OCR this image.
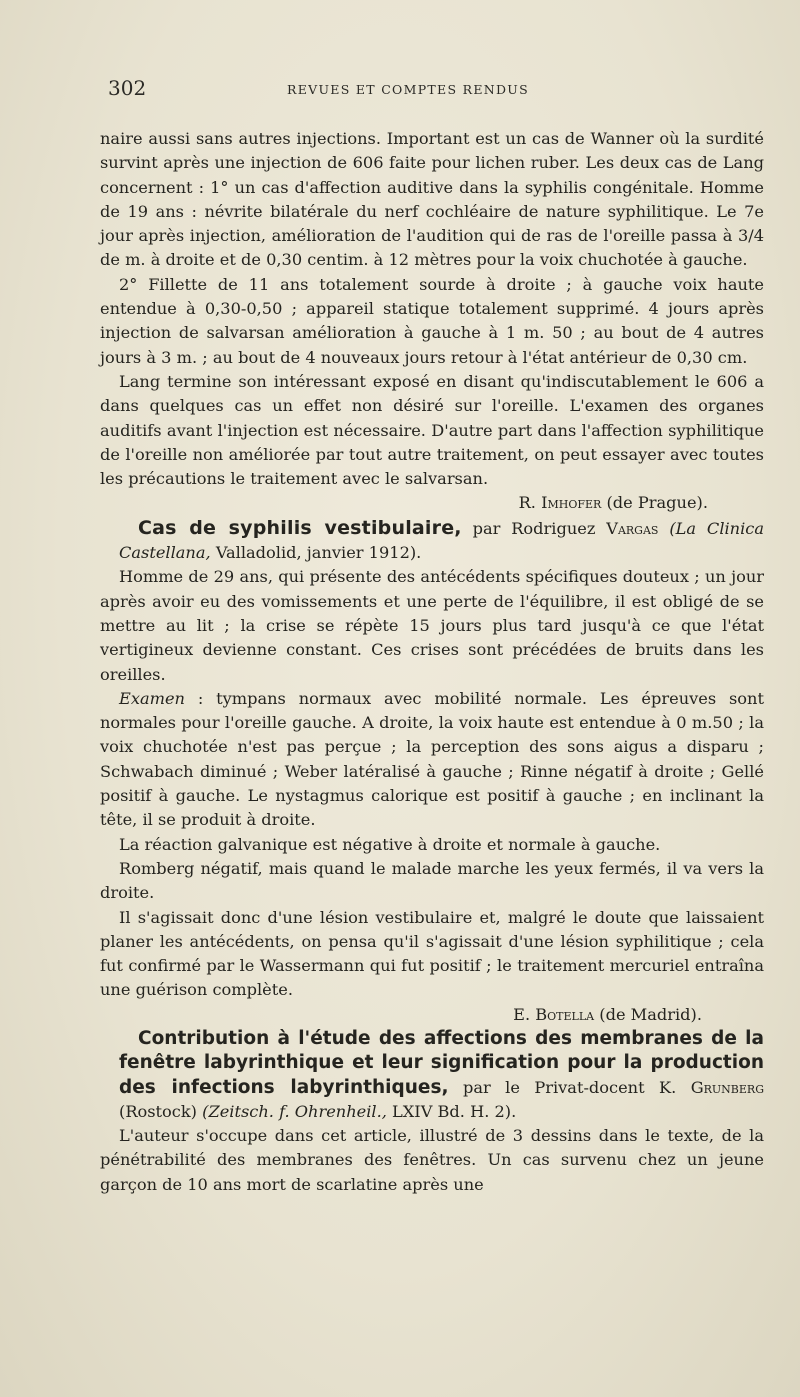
302	REVUES ET COMPTES RENDUS

naire aussi sans autres injections. Important est un cas de Wanner où la surdité survint après une injection de 606 faite pour lichen ruber. Les deux cas de Lang concernent : 1° un cas d'affection auditive dans la syphilis congénitale. Homme de 19 ans : névrite bilatérale du nerf cochléaire de nature syphilitique. Le 7e jour après injection, amélioration de l'audition qui de ras de l'oreille passa à 3/4 de m. à droite et de 0,30 centim. à 12 mètres pour la voix chuchotée à gauche.

2° Fillette de 11 ans totalement sourde à droite ; à gauche voix haute entendue à 0,30-0,50 ; appareil statique totalement supprimé. 4 jours après injection de salvarsan amélioration à gauche à 1 m. 50 ; au bout de 4 autres jours à 3 m. ; au bout de 4 nouveaux jours retour à l'état antérieur de 0,30 cm.

Lang termine son intéressant exposé en disant qu'indiscutablement le 606 a dans quelques cas un effet non désiré sur l'oreille. L'examen des organes auditifs avant l'injection est nécessaire. D'autre part dans l'affection syphilitique de l'oreille non améliorée par tout autre traitement, on peut essayer avec toutes les précautions le traitement avec le salvarsan.

R. Imhofer (de Prague).

Cas de syphilis vestibulaire, par Rodriguez Vargas (La Clinica Castellana, Valladolid, janvier 1912).

Homme de 29 ans, qui présente des antécédents spécifiques douteux ; un jour après avoir eu des vomissements et une perte de l'équilibre, il est obligé de se mettre au lit ; la crise se répète 15 jours plus tard jusqu'à ce que l'état vertigineux devienne constant. Ces crises sont précédées de bruits dans les oreilles.

Examen : tympans normaux avec mobilité normale. Les épreuves sont normales pour l'oreille gauche. A droite, la voix haute est entendue à 0 m.50 ; la voix chuchotée n'est pas perçue ; la perception des sons aigus a disparu ; Schwabach diminué ; Weber latéralisé à gauche ; Rinne négatif à droite ; Gellé positif à gauche. Le nystagmus calorique est positif à gauche ; en inclinant la tête, il se produit à droite.

La réaction galvanique est négative à droite et normale à gauche.

Romberg négatif, mais quand le malade marche les yeux fermés, il va vers la droite.

Il s'agissait donc d'une lésion vestibulaire et, malgré le doute que laissaient planer les antécédents, on pensa qu'il s'agissait d'une lésion syphilitique ; cela fut confirmé par le Wassermann qui fut positif ; le traitement mercuriel entraîna une guérison complète.

E. Botella (de Madrid).

Contribution à l'étude des affections des membranes de la fenêtre labyrinthique et leur signification pour la production des infections labyrinthiques, par le Privat-docent K. Grunberg (Rostock) (Zeitsch. f. Ohrenheil., LXIV Bd. H. 2).

L'auteur s'occupe dans cet article, illustré de 3 dessins dans le texte, de la pénétrabilité des membranes des fenêtres. Un cas survenu chez un jeune garçon de 10 ans mort de scarlatine après une
